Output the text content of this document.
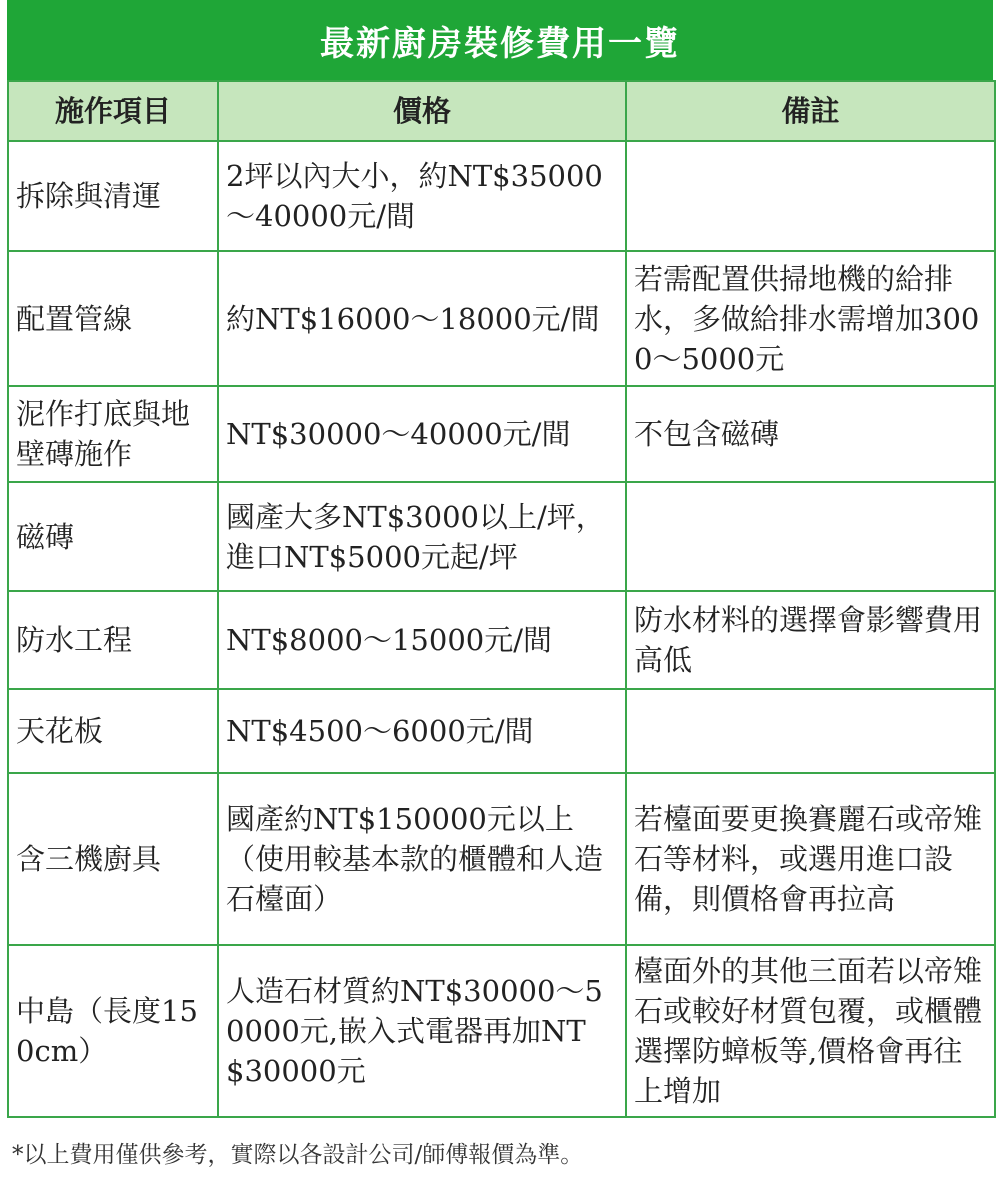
最新廚房裝修費用一覽
施作項目	價格	備註
拆除與清運	2坪以內大小，約NT$35000～40000元/間	
配置管線	約NT$16000～18000元/間	若需配置供掃地機的給排水，多做給排水需增加3000～5000元
泥作打底與地壁磚施作	NT$30000～40000元/間	不包含磁磚
磁磚	國產大多NT$3000以上/坪，進口NT$5000元起/坪	
防水工程	NT$8000～15000元/間	防水材料的選擇會影響費用高低
天花板	NT$4500～6000元/間	
含三機廚具	國產約NT$150000元以上（使用較基本款的櫃體和人造石檯面）	若檯面要更換賽麗石或帝雉石等材料，或選用進口設備，則價格會再拉高
中島（長度150cm）	人造石材質約NT$30000～50000元,嵌入式電器再加NT$30000元	檯面外的其他三面若以帝雉石或較好材質包覆，或櫃體選擇防蟑板等,價格會再往上增加
*以上費用僅供參考，實際以各設計公司/師傅報價為準。
